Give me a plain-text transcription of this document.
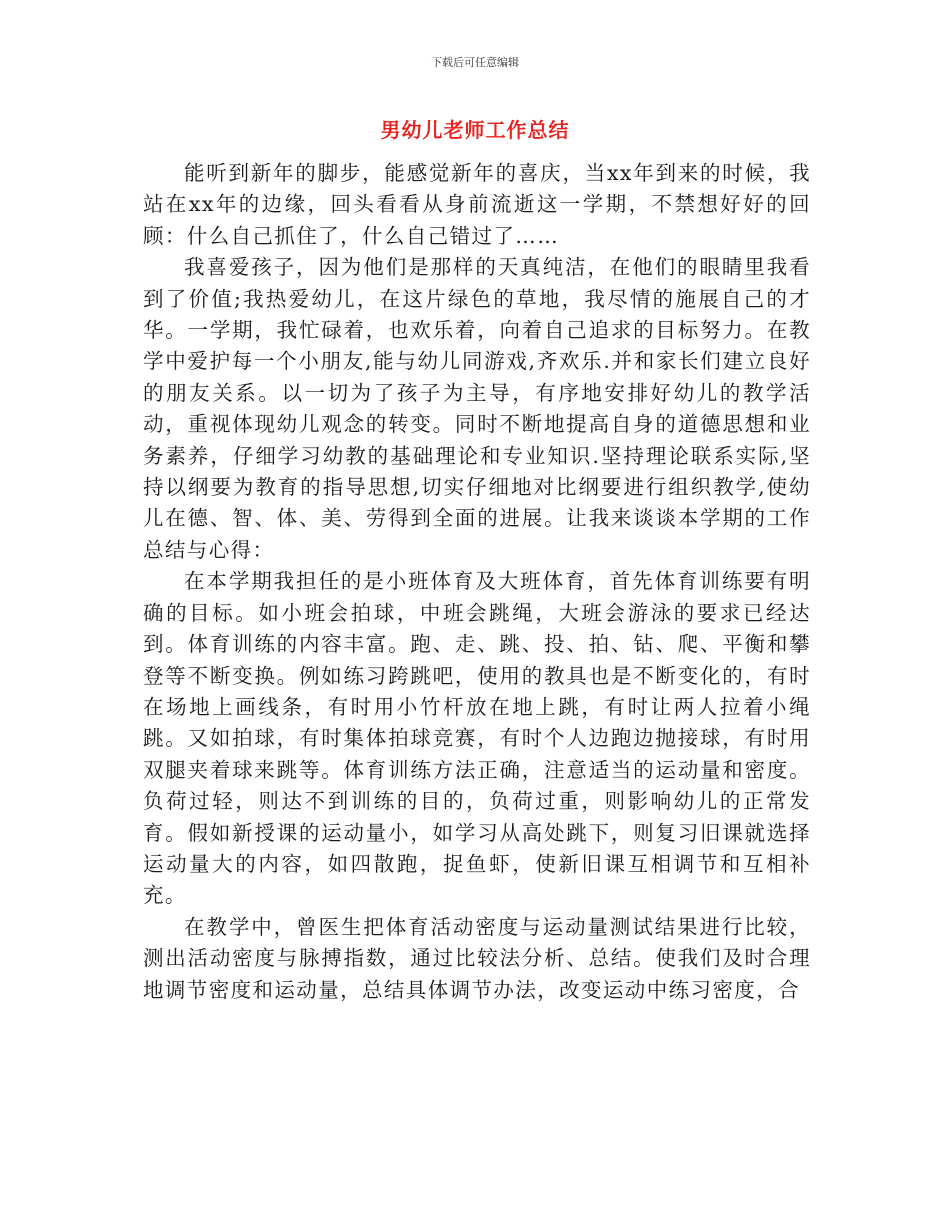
下载后可任意编辑
男幼儿老师工作总结

能听到新年的脚步，能感觉新年的喜庆，当xx年到来的时候，我站在xx年的边缘，回头看看从身前流逝这一学期，不禁想好好的回顾：什么自己抓住了，什么自己错过了……

我喜爱孩子，因为他们是那样的天真纯洁，在他们的眼睛里我看到了价值;我热爱幼儿，在这片绿色的草地，我尽情的施展自己的才华。一学期，我忙碌着，也欢乐着，向着自己追求的目标努力。在教学中爱护每一个小朋友,能与幼儿同游戏,齐欢乐.并和家长们建立良好的朋友关系。以一切为了孩子为主导，有序地安排好幼儿的教学活动，重视体现幼儿观念的转变。同时不断地提高自身的道德思想和业务素养，仔细学习幼教的基础理论和专业知识.坚持理论联系实际,坚持以纲要为教育的指导思想,切实仔细地对比纲要进行组织教学,使幼儿在德、智、体、美、劳得到全面的进展。让我来谈谈本学期的工作总结与心得：

在本学期我担任的是小班体育及大班体育，首先体育训练要有明确的目标。如小班会拍球，中班会跳绳，大班会游泳的要求已经达到。体育训练的内容丰富。跑、走、跳、投、拍、钻、爬、平衡和攀登等不断变换。例如练习跨跳吧，使用的教具也是不断变化的，有时在场地上画线条，有时用小竹杆放在地上跳，有时让两人拉着小绳跳。又如拍球，有时集体拍球竞赛，有时个人边跑边抛接球，有时用双腿夹着球来跳等。体育训练方法正确，注意适当的运动量和密度。负荷过轻，则达不到训练的目的，负荷过重，则影响幼儿的正常发育。假如新授课的运动量小，如学习从高处跳下，则复习旧课就选择运动量大的内容，如四散跑，捉鱼虾，使新旧课互相调节和互相补充。

在教学中，曾医生把体育活动密度与运动量测试结果进行比较，测出活动密度与脉搏指数，通过比较法分析、总结。使我们及时合理地调节密度和运动量，总结具体调节办法，改变运动中练习密度，合
